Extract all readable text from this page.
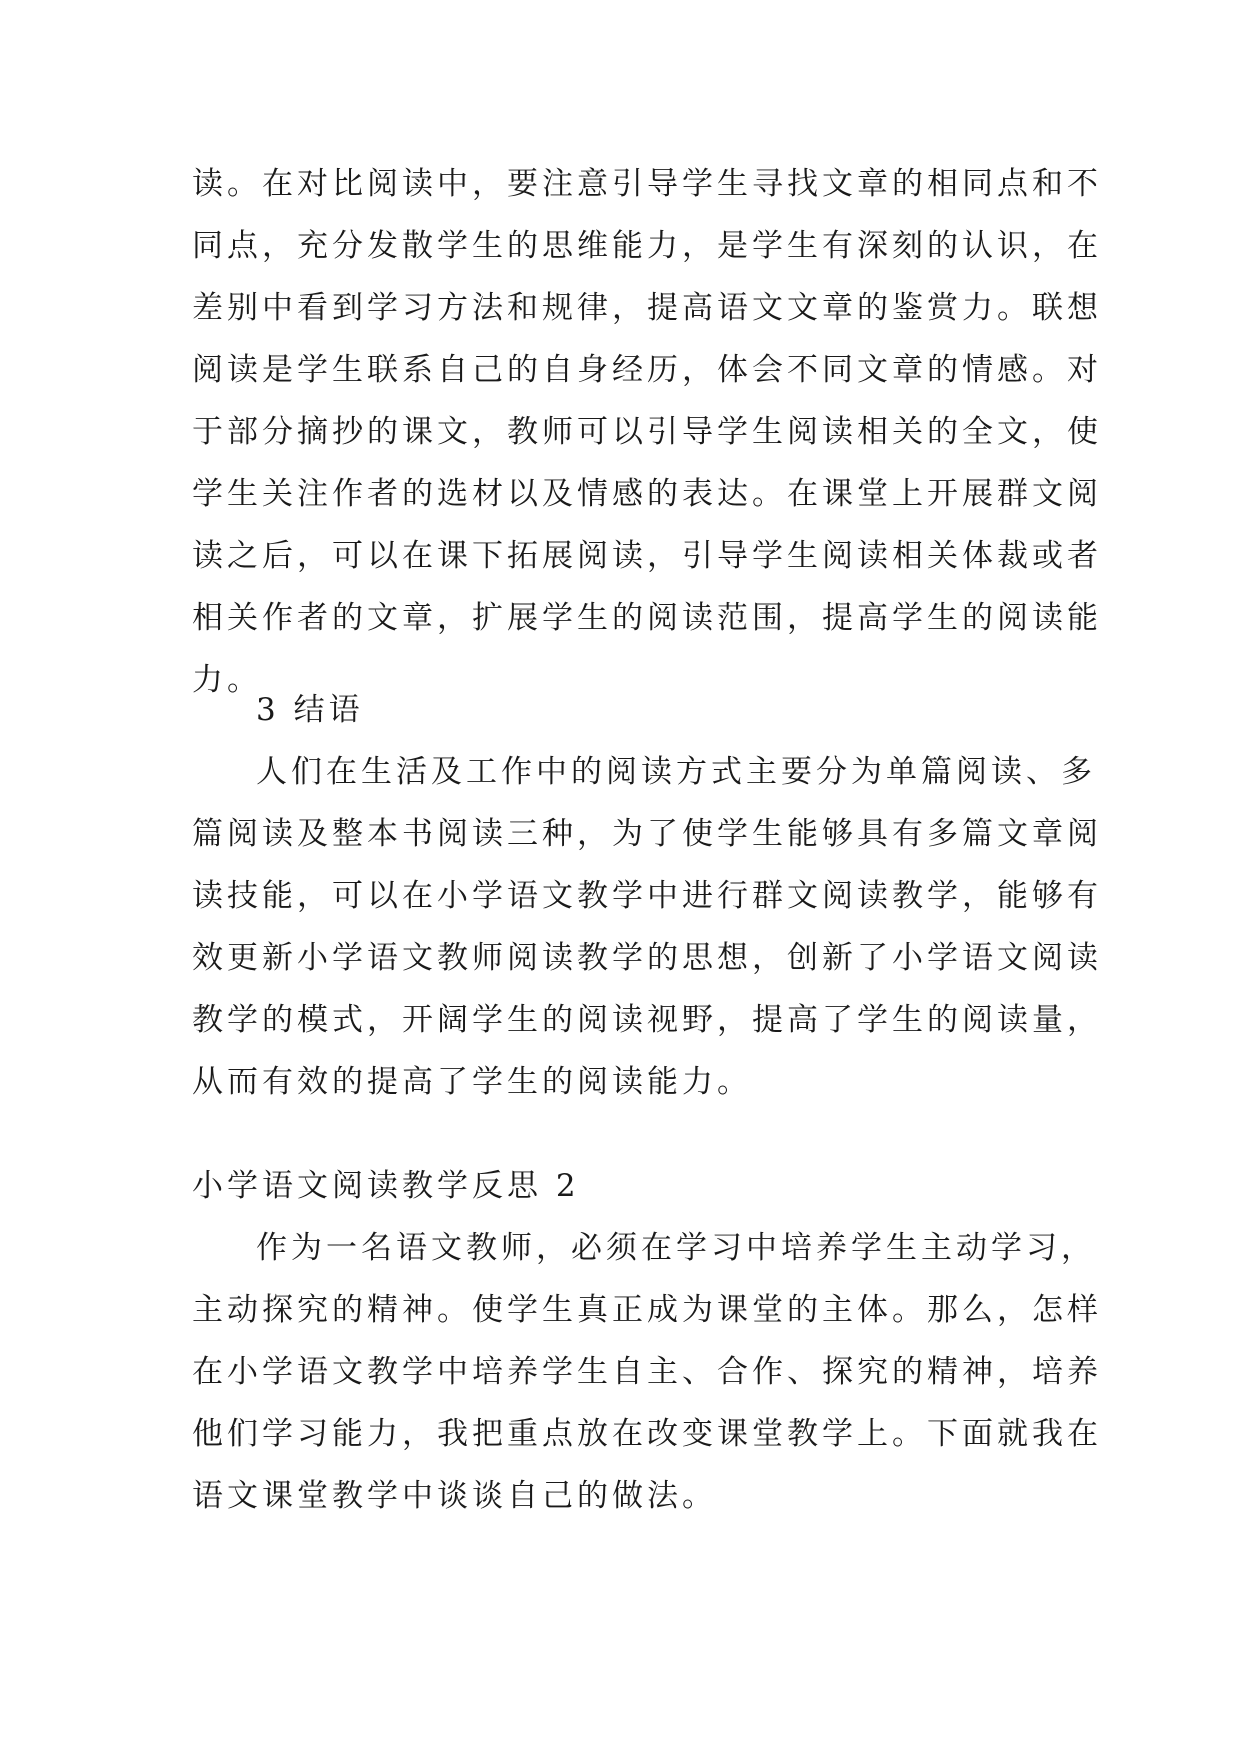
读。在对比阅读中，要注意引导学生寻找文章的相同点和不
同点，充分发散学生的思维能力，是学生有深刻的认识，在
差别中看到学习方法和规律，提高语文文章的鉴赏力。联想
阅读是学生联系自己的自身经历，体会不同文章的情感。对
于部分摘抄的课文，教师可以引导学生阅读相关的全文，使
学生关注作者的选材以及情感的表达。在课堂上开展群文阅
读之后，可以在课下拓展阅读，引导学生阅读相关体裁或者
相关作者的文章，扩展学生的阅读范围，提高学生的阅读能
力。
3 结语
人们在生活及工作中的阅读方式主要分为单篇阅读、多
篇阅读及整本书阅读三种，为了使学生能够具有多篇文章阅
读技能，可以在小学语文教学中进行群文阅读教学，能够有
效更新小学语文教师阅读教学的思想，创新了小学语文阅读
教学的模式，开阔学生的阅读视野，提高了学生的阅读量，
从而有效的提高了学生的阅读能力。
小学语文阅读教学反思 2
作为一名语文教师，必须在学习中培养学生主动学习，
主动探究的精神。使学生真正成为课堂的主体。那么，怎样
在小学语文教学中培养学生自主、合作、探究的精神，培养
他们学习能力，我把重点放在改变课堂教学上。下面就我在
语文课堂教学中谈谈自己的做法。
